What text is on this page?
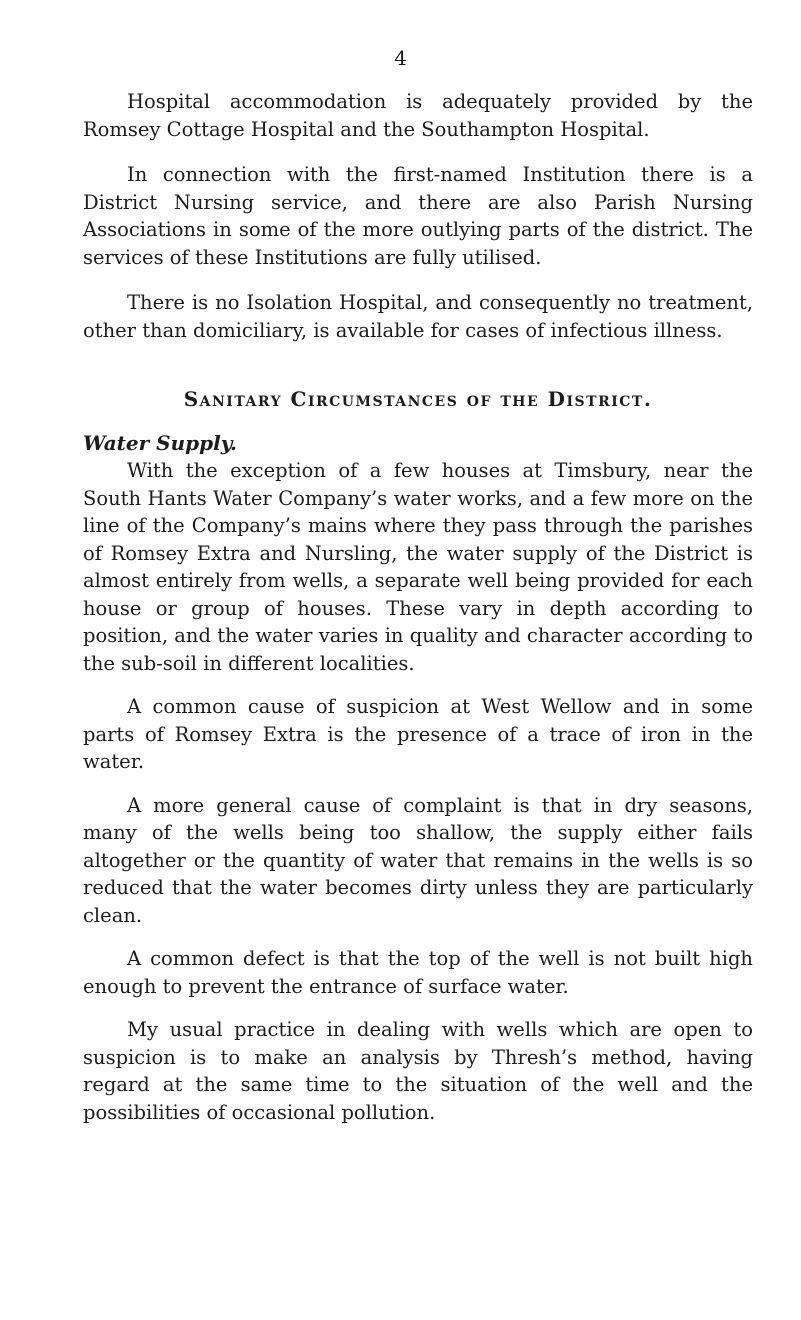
4

Hospital accommodation is adequately provided by the Romsey Cottage Hospital and the Southampton Hospital.

In connection with the first-named Institution there is a District Nursing service, and there are also Parish Nursing Associations in some of the more outlying parts of the district. The services of these Institutions are fully utilised.

There is no Isolation Hospital, and consequently no treatment, other than domiciliary, is available for cases of infectious illness.

Sanitary Circumstances of the District.
Water Supply.

With the exception of a few houses at Timsbury, near the South Hants Water Company’s water works, and a few more on the line of the Company’s mains where they pass through the parishes of Romsey Extra and Nursling, the water supply of the District is almost entirely from wells, a separate well being provided for each house or group of houses. These vary in depth according to position, and the water varies in quality and character according to the sub-soil in different localities.

A common cause of suspicion at West Wellow and in some parts of Romsey Extra is the presence of a trace of iron in the water.

A more general cause of complaint is that in dry seasons, many of the wells being too shallow, the supply either fails altogether or the quantity of water that remains in the wells is so reduced that the water becomes dirty unless they are particularly clean.

A common defect is that the top of the well is not built high enough to prevent the entrance of surface water.

My usual practice in dealing with wells which are open to suspicion is to make an analysis by Thresh’s method, having regard at the same time to the situation of the well and the possibilities of occasional pollution.
